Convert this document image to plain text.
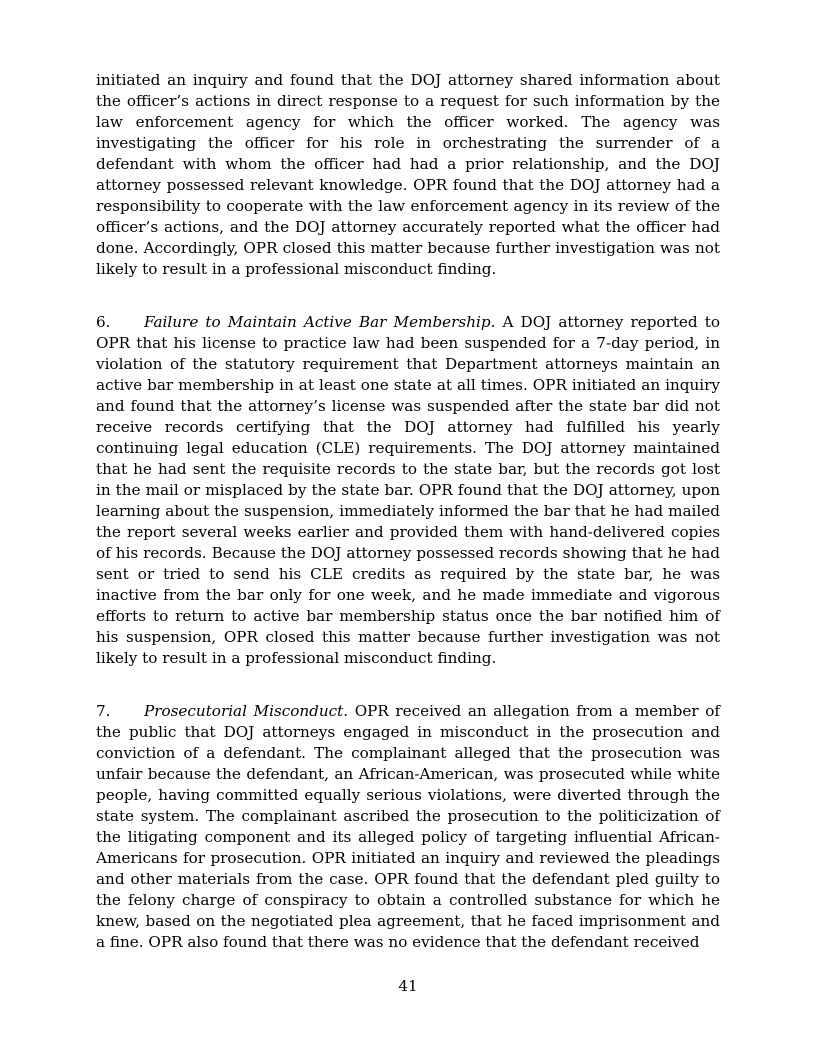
initiated an inquiry and found that the DOJ attorney shared information about the officer’s actions in direct response to a request for such information by the law enforcement agency for which the officer worked. The agency was investigating the officer for his role in orchestrating the surrender of a defendant with whom the officer had had a prior relationship, and the DOJ attorney possessed relevant knowledge. OPR found that the DOJ attorney had a responsibility to cooperate with the law enforcement agency in its review of the officer’s actions, and the DOJ attorney accurately reported what the officer had done. Accordingly, OPR closed this matter because further investigation was not likely to result in a professional misconduct finding.

6. Failure to Maintain Active Bar Membership. A DOJ attorney reported to OPR that his license to practice law had been suspended for a 7-day period, in violation of the statutory requirement that Department attorneys maintain an active bar membership in at least one state at all times. OPR initiated an inquiry and found that the attorney’s license was suspended after the state bar did not receive records certifying that the DOJ attorney had fulfilled his yearly continuing legal education (CLE) requirements. The DOJ attorney maintained that he had sent the requisite records to the state bar, but the records got lost in the mail or misplaced by the state bar. OPR found that the DOJ attorney, upon learning about the suspension, immediately informed the bar that he had mailed the report several weeks earlier and provided them with hand-delivered copies of his records. Because the DOJ attorney possessed records showing that he had sent or tried to send his CLE credits as required by the state bar, he was inactive from the bar only for one week, and he made immediate and vigorous efforts to return to active bar membership status once the bar notified him of his suspension, OPR closed this matter because further investigation was not likely to result in a professional misconduct finding.

7. Prosecutorial Misconduct. OPR received an allegation from a member of the public that DOJ attorneys engaged in misconduct in the prosecution and conviction of a defendant. The complainant alleged that the prosecution was unfair because the defendant, an African-American, was prosecuted while white people, having committed equally serious violations, were diverted through the state system. The complainant ascribed the prosecution to the politicization of the litigating component and its alleged policy of targeting influential African-Americans for prosecution. OPR initiated an inquiry and reviewed the pleadings and other materials from the case. OPR found that the defendant pled guilty to the felony charge of conspiracy to obtain a controlled substance for which he knew, based on the negotiated plea agreement, that he faced imprisonment and a fine. OPR also found that there was no evidence that the defendant received

41
